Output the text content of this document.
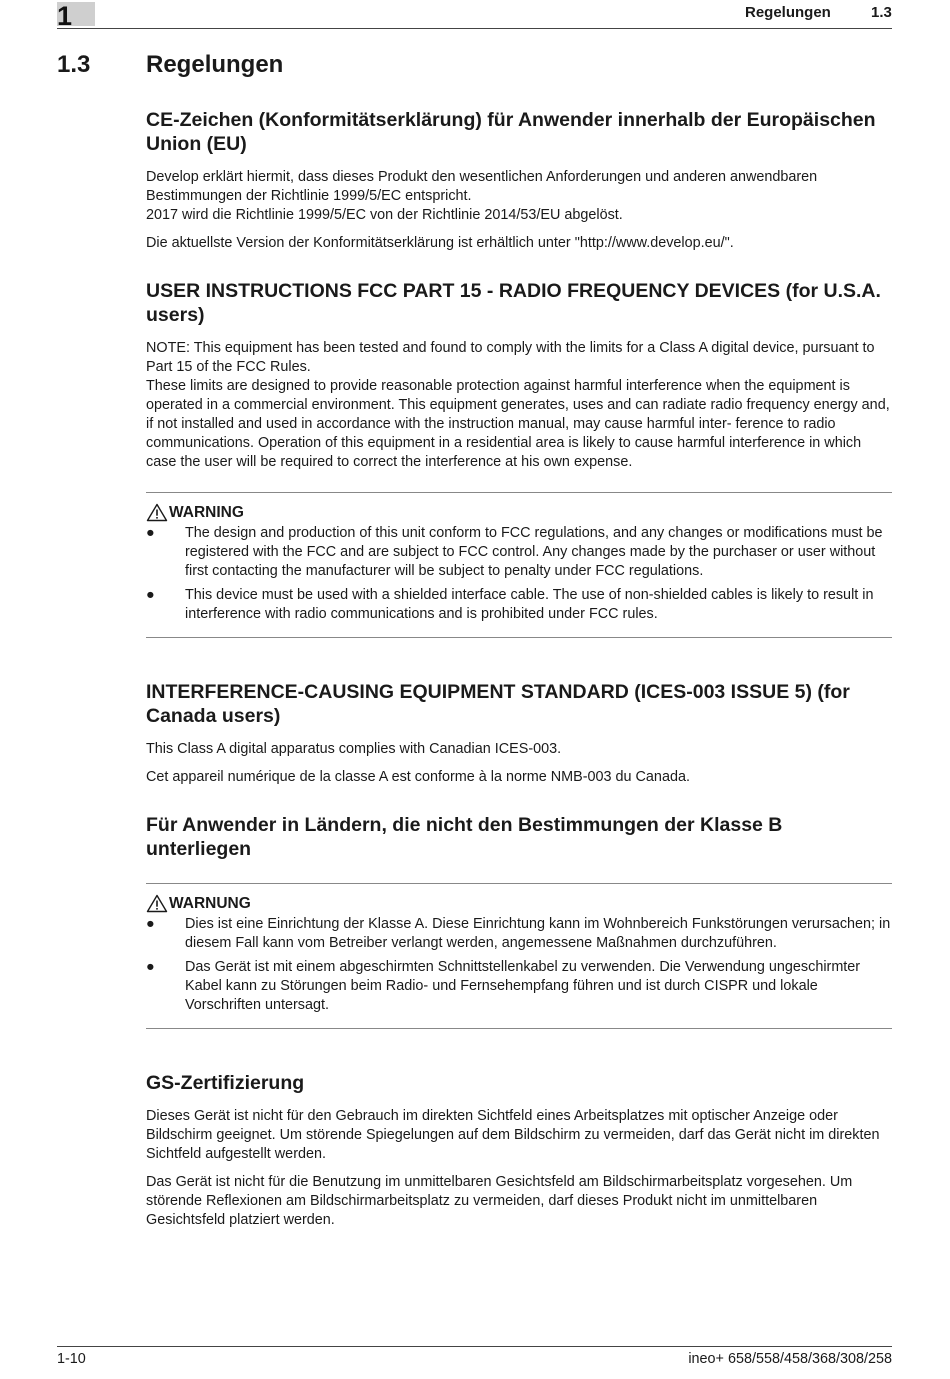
1	Regelungen	1.3
1.3 Regelungen
CE-Zeichen (Konformitätserklärung) für Anwender innerhalb der Europäischen Union (EU)

Develop erklärt hiermit, dass dieses Produkt den wesentlichen Anforderungen und anderen anwendbaren Bestimmungen der Richtlinie 1999/5/EC entspricht.
2017 wird die Richtlinie 1999/5/EC von der Richtlinie 2014/53/EU abgelöst.

Die aktuellste Version der Konformitätserklärung ist erhältlich unter "http://www.develop.eu/".

USER INSTRUCTIONS FCC PART 15 - RADIO FREQUENCY DEVICES (for U.S.A. users)

NOTE: This equipment has been tested and found to comply with the limits for a Class A digital device, pursuant to Part 15 of the FCC Rules.
These limits are designed to provide reasonable protection against harmful interference when the equipment is operated in a commercial environment. This equipment generates, uses and can radiate radio frequency energy and, if not installed and used in accordance with the instruction manual, may cause harmful inter- ference to radio communications. Operation of this equipment in a residential area is likely to cause harmful interference in which case the user will be required to correct the interference at his own expense.

WARNING
● The design and production of this unit conform to FCC regulations, and any changes or modifications must be registered with the FCC and are subject to FCC control. Any changes made by the purchaser or user without first contacting the manufacturer will be subject to penalty under FCC regulations.
● This device must be used with a shielded interface cable. The use of non-shielded cables is likely to result in interference with radio communications and is prohibited under FCC rules.
INTERFERENCE-CAUSING EQUIPMENT STANDARD (ICES-003 ISSUE 5) (for Canada users)

This Class A digital apparatus complies with Canadian ICES-003.

Cet appareil numérique de la classe A est conforme à la norme NMB-003 du Canada.

Für Anwender in Ländern, die nicht den Bestimmungen der Klasse B unterliegen
WARNUNG
● Dies ist eine Einrichtung der Klasse A. Diese Einrichtung kann im Wohnbereich Funkstörungen verursachen; in diesem Fall kann vom Betreiber verlangt werden, angemessene Maßnahmen durchzuführen.
● Das Gerät ist mit einem abgeschirmten Schnittstellenkabel zu verwenden. Die Verwendung ungeschirmter Kabel kann zu Störungen beim Radio- und Fernsehempfang führen und ist durch CISPR und lokale Vorschriften untersagt.
GS-Zertifizierung

Dieses Gerät ist nicht für den Gebrauch im direkten Sichtfeld eines Arbeitsplatzes mit optischer Anzeige oder Bildschirm geeignet. Um störende Spiegelungen auf dem Bildschirm zu vermeiden, darf das Gerät nicht im direkten Sichtfeld aufgestellt werden.

Das Gerät ist nicht für die Benutzung im unmittelbaren Gesichtsfeld am Bildschirmarbeitsplatz vorgesehen. Um störende Reflexionen am Bildschirmarbeitsplatz zu vermeiden, darf dieses Produkt nicht im unmittelbaren Gesichtsfeld platziert werden.

1-10	ineo+ 658/558/458/368/308/258
